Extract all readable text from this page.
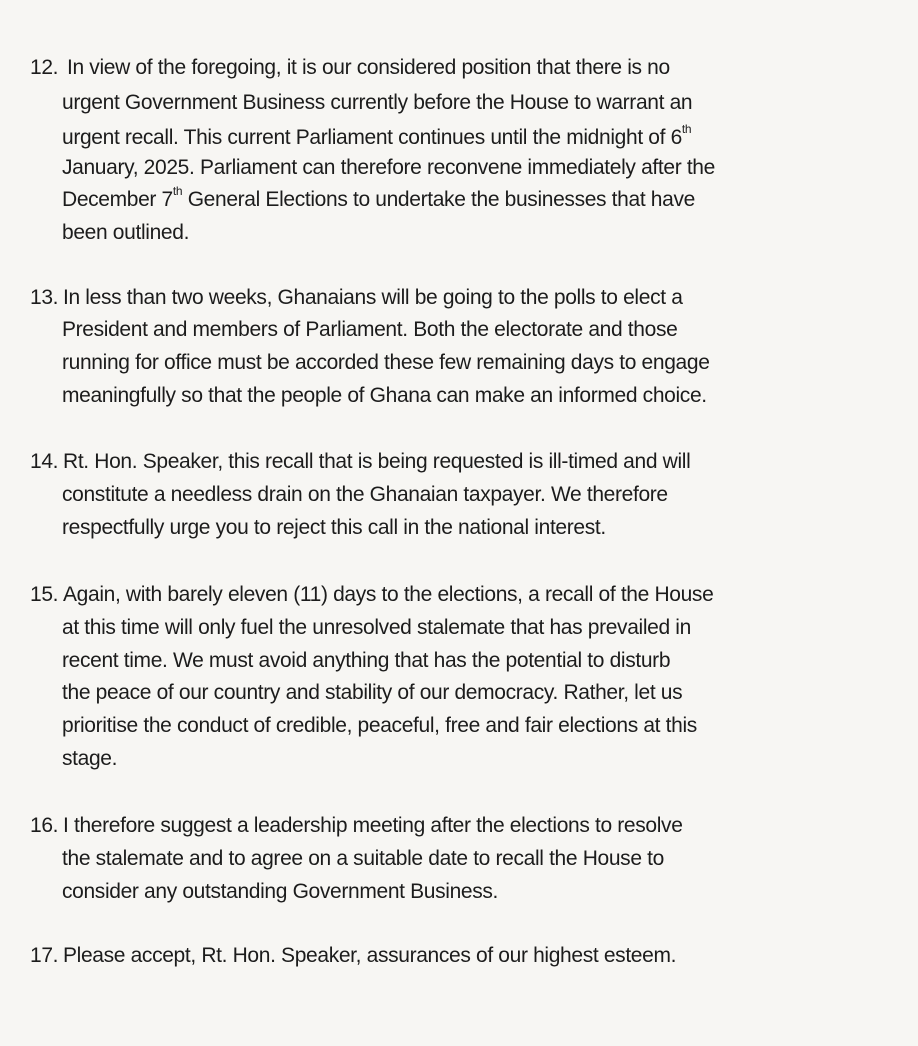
12. In view of the foregoing, it is our considered position that there is no
urgent Government Business currently before the House to warrant an
urgent recall. This current Parliament continues until the midnight of 6th
January, 2025. Parliament can therefore reconvene immediately after the
December 7th General Elections to undertake the businesses that have
been outlined.
13. In less than two weeks, Ghanaians will be going to the polls to elect a
President and members of Parliament. Both the electorate and those
running for office must be accorded these few remaining days to engage
meaningfully so that the people of Ghana can make an informed choice.
14. Rt. Hon. Speaker, this recall that is being requested is ill-timed and will
constitute a needless drain on the Ghanaian taxpayer. We therefore
respectfully urge you to reject this call in the national interest.
15. Again, with barely eleven (11) days to the elections, a recall of the House
at this time will only fuel the unresolved stalemate that has prevailed in
recent time. We must avoid anything that has the potential to disturb
the peace of our country and stability of our democracy. Rather, let us
prioritise the conduct of credible, peaceful, free and fair elections at this
stage.
16. I therefore suggest a leadership meeting after the elections to resolve
the stalemate and to agree on a suitable date to recall the House to
consider any outstanding Government Business.
17. Please accept, Rt. Hon. Speaker, assurances of our highest esteem.
